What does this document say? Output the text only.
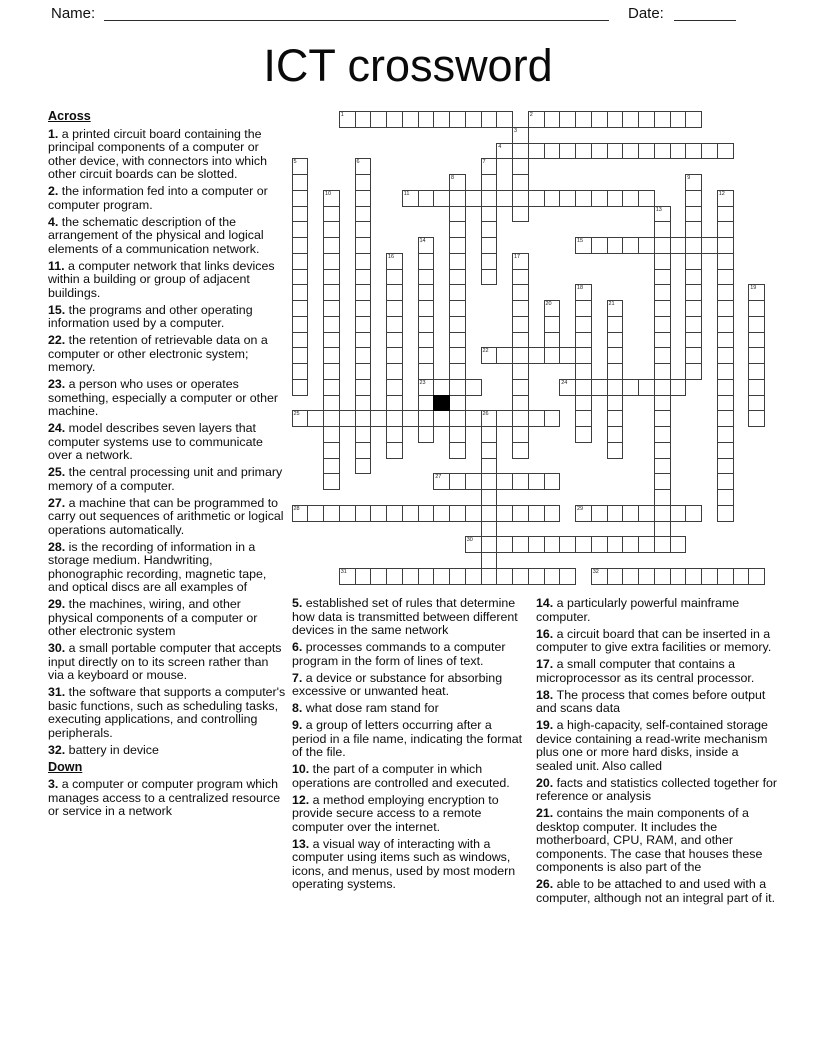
Name:	Date:
ICT crossword
1	2
4
11
15
22
23	24
25
27
28	29
30
31	32
3
5	6	7
8	9
10	12
13
14
16	17
18	19
20	21
26

Across

1. a printed circuit board containing the principal components of a computer or other device, with connectors into which other circuit boards can be slotted.

2. the information fed into a computer or computer program.

4. the schematic description of the arrangement of the physical and logical elements of a communication network.

11. a computer network that links devices within a building or group of adjacent buildings.

15. the programs and other operating information used by a computer.

22. the retention of retrievable data on a computer or other electronic system; memory.

23. a person who uses or operates something, especially a computer or other machine.

24. model describes seven layers that computer systems use to communicate over a network.

25. the central processing unit and primary memory of a computer.

27. a machine that can be programmed to carry out sequences of arithmetic or logical operations automatically.

28. is the recording of information in a storage medium. Handwriting, phonographic recording, magnetic tape, and optical discs are all examples of

29. the machines, wiring, and other physical components of a computer or other electronic system

30. a small portable computer that accepts input directly on to its screen rather than via a keyboard or mouse.

31. the software that supports a computer's basic functions, such as scheduling tasks, executing applications, and controlling peripherals.

32. battery in device

Down

3. a computer or computer program which manages access to a centralized resource or service in a network

5. established set of rules that determine how data is transmitted between different devices in the same network

6. processes commands to a computer program in the form of lines of text.

7. a device or substance for absorbing excessive or unwanted heat.

8. what dose ram stand for

9. a group of letters occurring after a period in a file name, indicating the format of the file.

10. the part of a computer in which operations are controlled and executed.

12. a method employing encryption to provide secure access to a remote computer over the internet.

13. a visual way of interacting with a computer using items such as windows, icons, and menus, used by most modern operating systems.

14. a particularly powerful mainframe computer.

16. a circuit board that can be inserted in a computer to give extra facilities or memory.

17. a small computer that contains a microprocessor as its central processor.

18. The process that comes before output and scans data

19. a high-capacity, self-contained storage device containing a read-write mechanism plus one or more hard disks, inside a sealed unit. Also called

20. facts and statistics collected together for reference or analysis

21. contains the main components of a desktop computer. It includes the motherboard, CPU, RAM, and other components. The case that houses these components is also part of the

26. able to be attached to and used with a computer, although not an integral part of it.
